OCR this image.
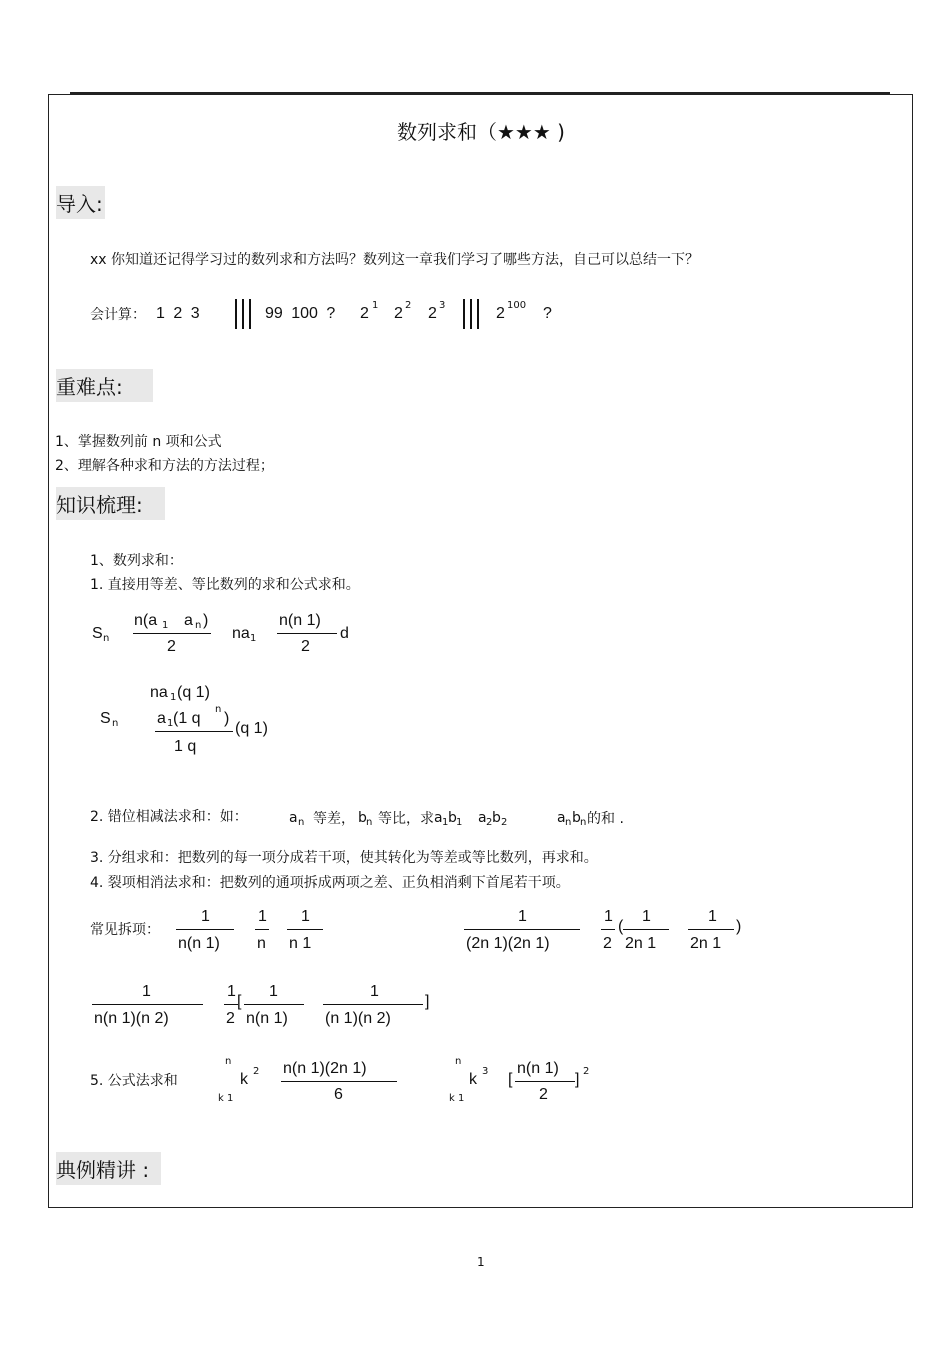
数列求和（★★★ )
导入:
xx 你知道还记得学习过的数列求和方法吗？数列这一章我们学习了哪些方法，自己可以总结一下？
会计算： 1 2 3	99 100 ? 2 1 2 2 2 3	2 100 ?
重难点:
1、掌握数列前 n 项和公式
2、理解各种求和方法的方法过程；
知识梳理:
1、数列求和：
1. 直接用等差、等比数列的求和公式求和。
S n
n(a 1 a n )
2
na 1
n(n 1)
2
d
na 1 (q 1)
S n a 1 (1 q
n
)
1 q
(q 1)
2. 错位相减法求和：如：	a n 等差， b n 等比，求 a 1 b 1 a 2 b 2	a n b n 的和 .
3. 分组求和：把数列的每一项分成若干项，使其转化为等差或等比数列，再求和。
4. 裂项相消法求和：把数列的通项拆成两项之差、正负相消剩下首尾若干项。
常见拆项：
1
n(n 1)
1
n
1
n 1
1
(2n 1)(2n 1)
1
2
(
1
2n 1
1
2n 1
)
1
n(n 1)(n 2)
1
2
[
1
n(n 1)
1
(n 1)(n 2)
]
5. 公式法求和
n
k 2
k 1
n(n 1)(2n 1)
6
n
k 3
k 1
[
n(n 1)
2
] 2
典例精讲 :
1
